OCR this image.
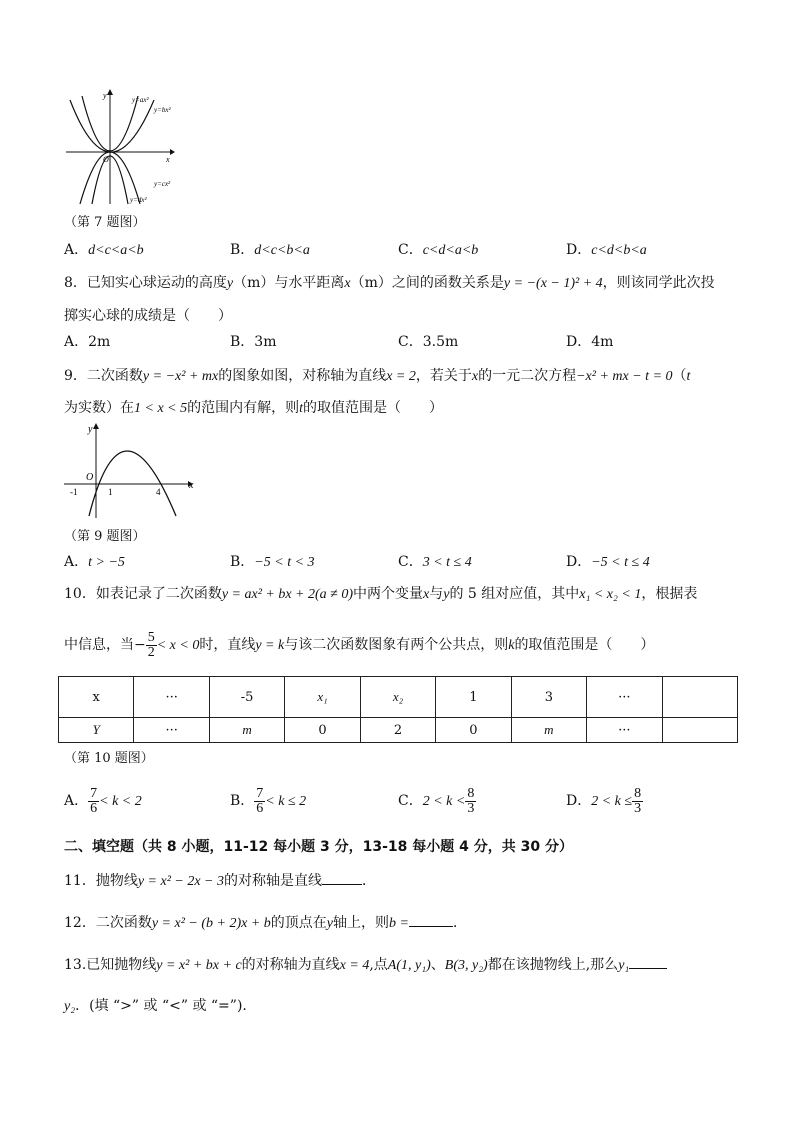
y
x
O
y=ax²
y=bx²
y=cx²
y=dx²
（第 7 题图）
A．d<c<a<b	B．d<c<b<a	C．c<d<a<b	D．c<d<b<a
8．已知实心球运动的高度y（m）与水平距离x（m）之间的函数关系是y = −(x − 1)² + 4，则该同学此次投
掷实心球的成绩是（　　）
A．2m	B．3m	C．3.5m	D．4m
9．二次函数y = −x² + mx的图象如图，对称轴为直线x = 2，若关于x的一元二次方程−x² + mx − t = 0（t
为实数）在1 < x < 5的范围内有解，则t的取值范围是（　　）
y
x
O
-1	1	4
（第 9 题图）
A．t > −5	B．−5 < t < 3	C．3 < t ≤ 4	D．−5 < t ≤ 4
10．如表记录了二次函数y = ax² + bx + 2(a ≠ 0)中两个变量x与y的 5 组对应值，其中x₁ < x₂ < 1，根据表
中信息，当− $\frac{5}{2} < x < 0$时，直线y = k与该二次函数图象有两个公共点，则k的取值范围是（　　）
x	···	-5	x₁	x₂	1	3	···	
Y	···	m	0	2	0	m	···	
（第 10 题图）
A． $\frac{7}{6} < k < 2$	B． $\frac{7}{6} < k \le 2$	C．$2 < k < \frac{8}{3}$	D．$2 < k \le \frac{8}{3}$
二、填空题（共 8 小题，11-12 每小题 3 分，13-18 每小题 4 分，共 30 分）
11．抛物线y = x² − 2x − 3的对称轴是直线	．
12．二次函数y = x² − (b + 2)x + b的顶点在y轴上，则b =	．
13.已知抛物线y = x² + bx + c的对称轴为直线x = 4,点A(1, y₁)、B(3, y₂)都在该抛物线上,那么y₁
y₂．(填 “>” 或 “<” 或 “=”).
